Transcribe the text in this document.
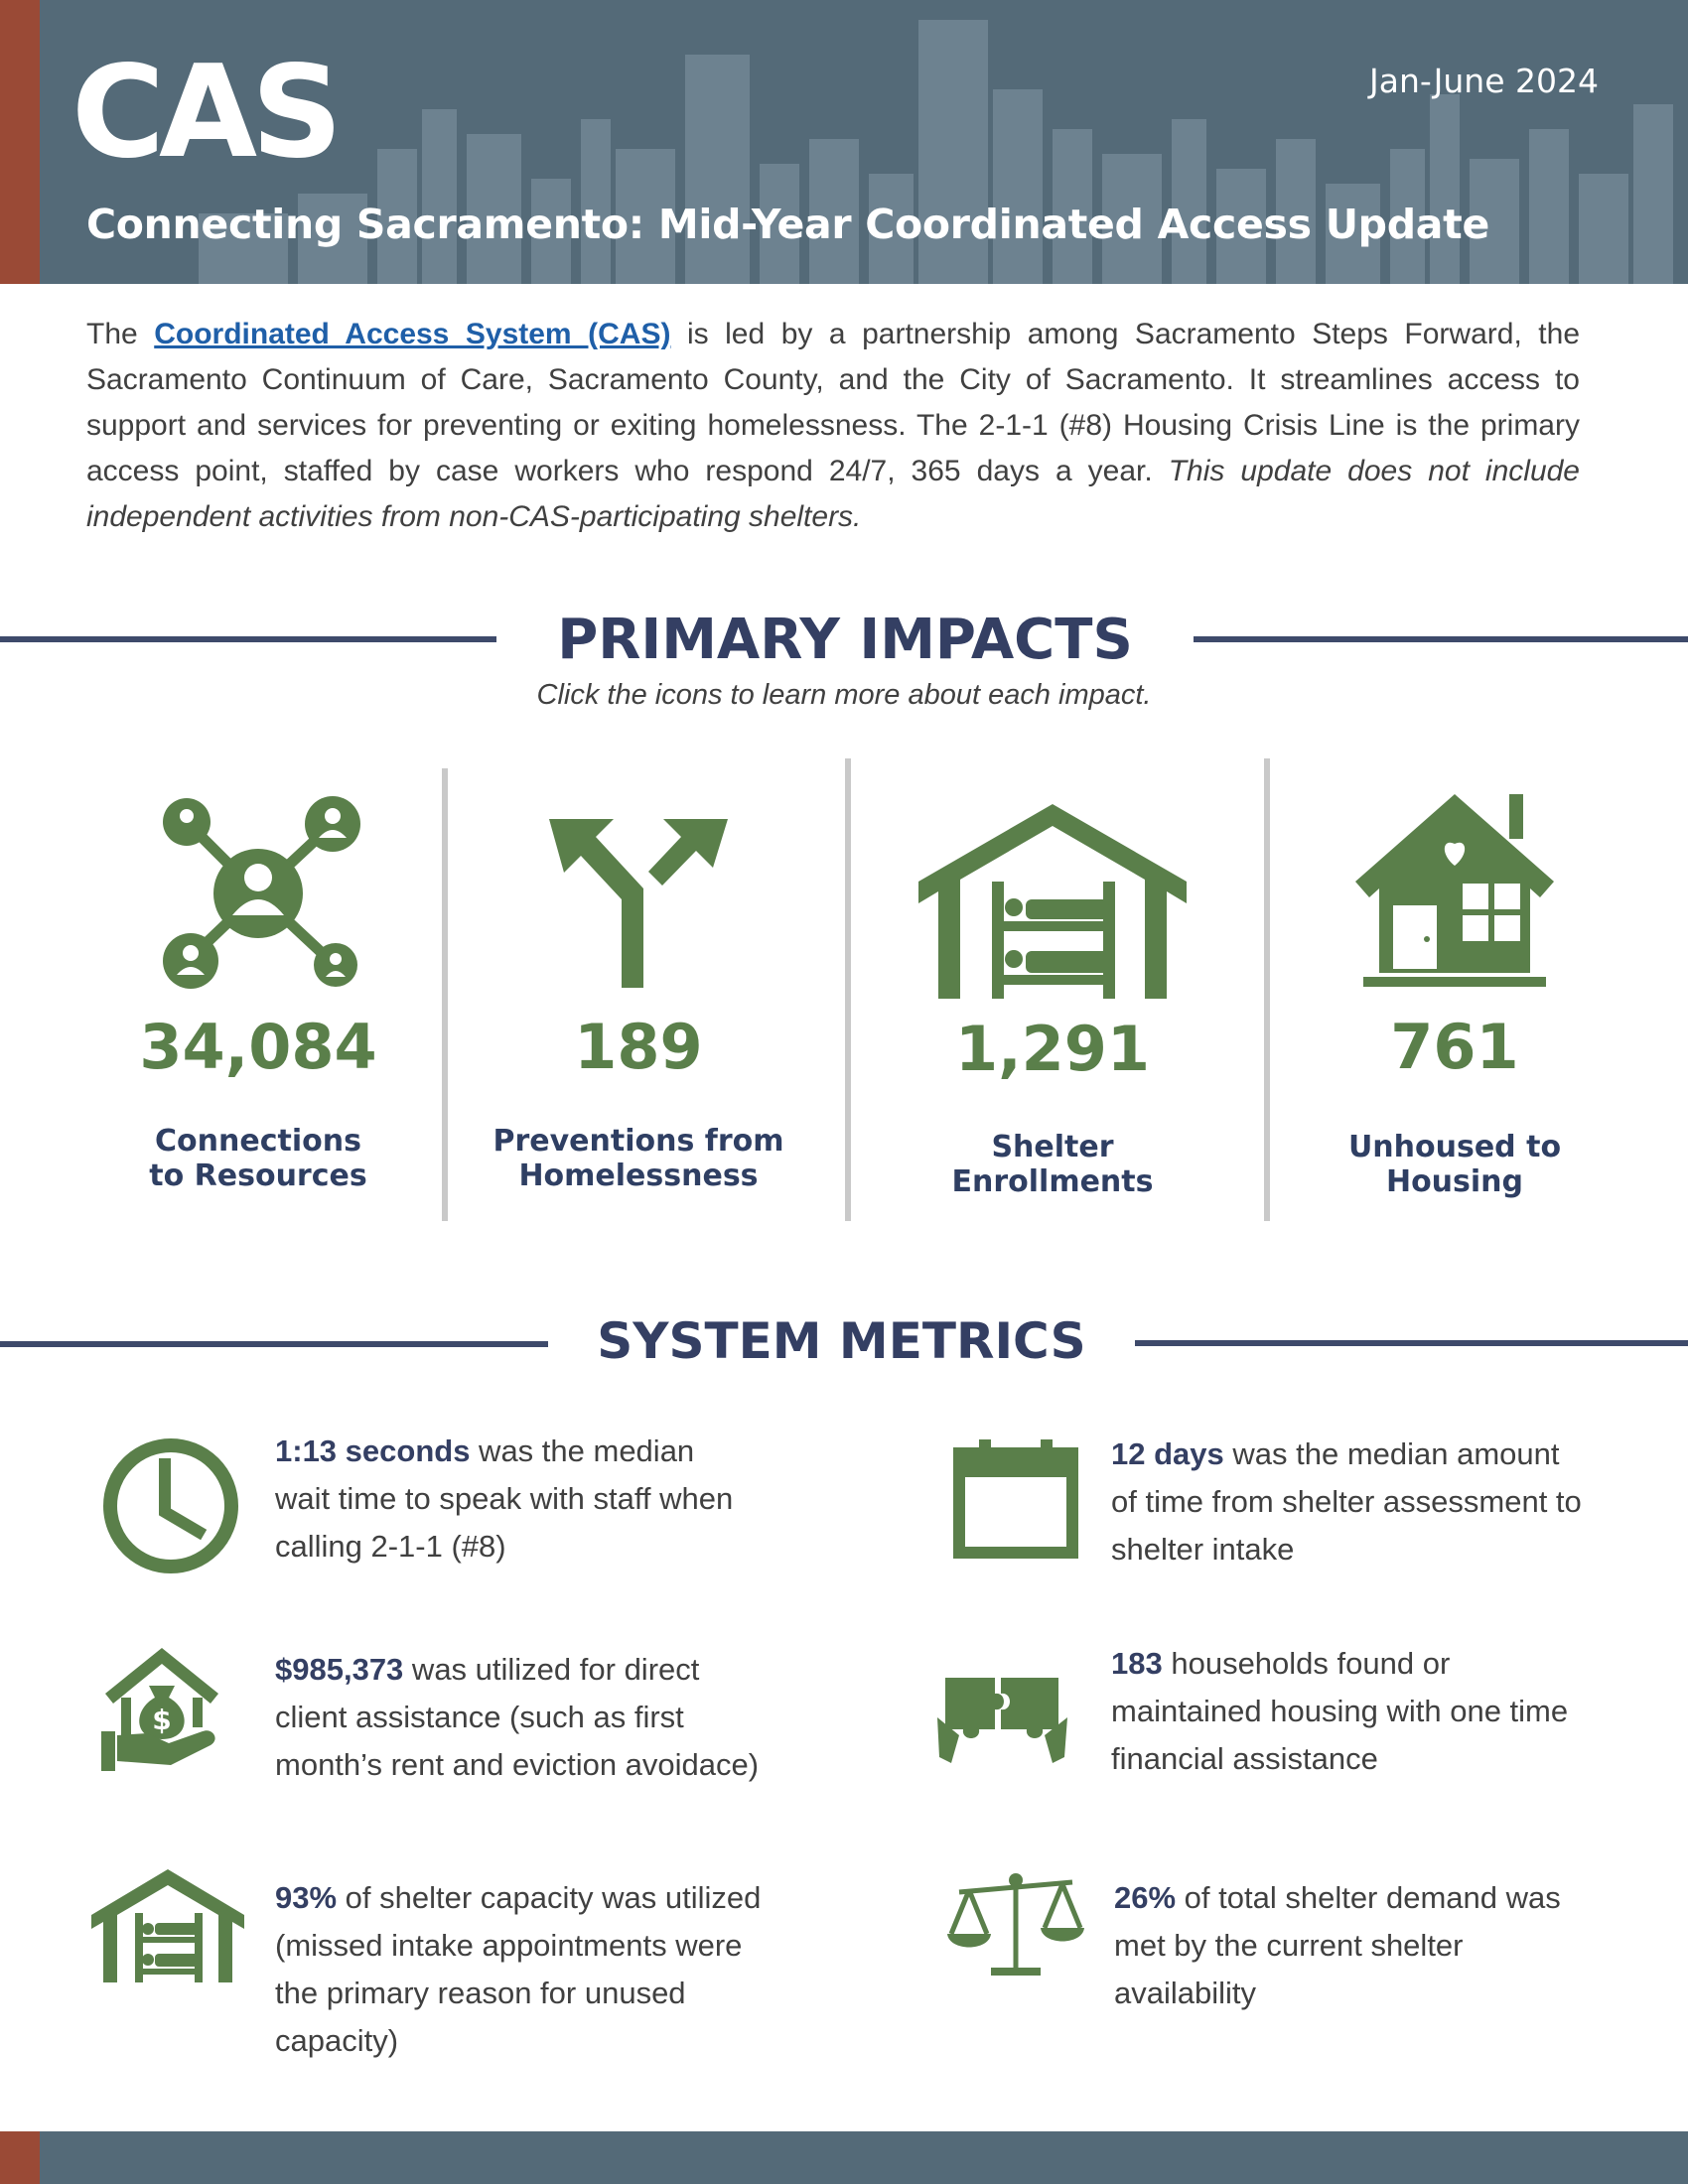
CAS	Jan-June 2024
Connecting Sacramento: Mid-Year Coordinated Access Update

The Coordinated Access System (CAS) is led by a partnership among Sacramento Steps Forward, the Sacramento Continuum of Care, Sacramento County, and the City of Sacramento. It streamlines access to support and services for preventing or exiting homelessness. The 2-1-1 (#8) Housing Crisis Line is the primary access point, staffed by case workers who respond 24/7, 365 days a year. This update does not include independent activities from non-CAS-participating shelters.

PRIMARY IMPACTS
Click the icons to learn more about each impact.
34,084
Connections
to Resources
189
Preventions from
Homelessness
1,291
Shelter
Enrollments
761
Unhoused to
Housing
SYSTEM METRICS
1:13 seconds was the median wait time to speak with staff when calling 2-1-1 (#8)
12 days was the median amount of time from shelter assessment to shelter intake
$
$985,373 was utilized for direct client assistance (such as first month’s rent and eviction avoidace)
183 households found or maintained housing with one time financial assistance
93% of shelter capacity was utilized (missed intake appointments were the primary reason for unused capacity)
26% of total shelter demand was met by the current shelter availability
